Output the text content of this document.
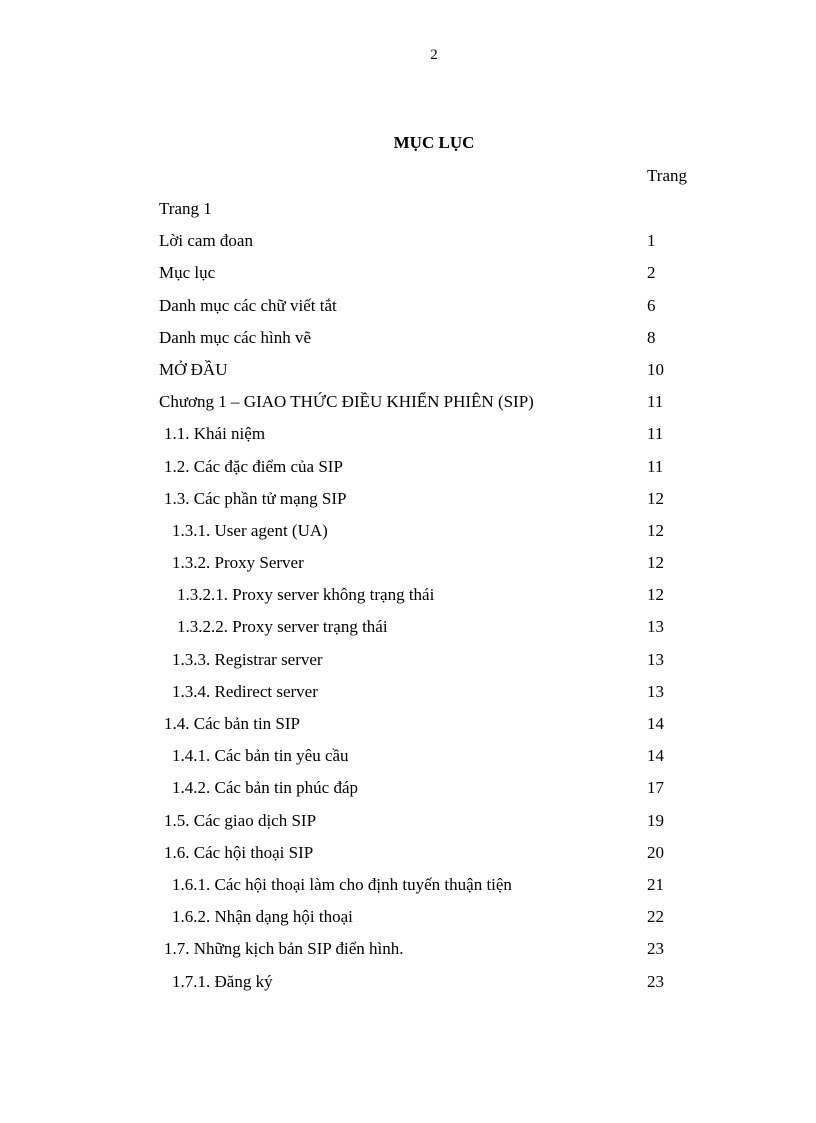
2
MỤC LỤC
Trang
Trang 1
Lời cam đoan	1
Mục lục	2
Danh mục các chữ viết tắt	6
Danh mục các hình vẽ	8
MỞ ĐẦU	10
Chương 1 – GIAO THỨC ĐIỀU KHIỂN PHIÊN (SIP)	11
1.1. Khái niệm	11
1.2. Các đặc điểm của SIP	11
1.3. Các phần tử mạng SIP	12
1.3.1. User agent (UA)	12
1.3.2. Proxy Server	12
1.3.2.1. Proxy server không trạng thái	12
1.3.2.2. Proxy server trạng thái	13
1.3.3. Registrar server	13
1.3.4. Redirect server	13
1.4. Các bản tin SIP	14
1.4.1. Các bản tin yêu cầu	14
1.4.2. Các bản tin phúc đáp	17
1.5. Các giao dịch SIP	19
1.6. Các hội thoại SIP	20
1.6.1. Các hội thoại làm cho định tuyến thuận tiện	21
1.6.2. Nhận dạng hội thoại	22
1.7. Những kịch bản SIP điển hình.	23
1.7.1. Đăng ký	23
